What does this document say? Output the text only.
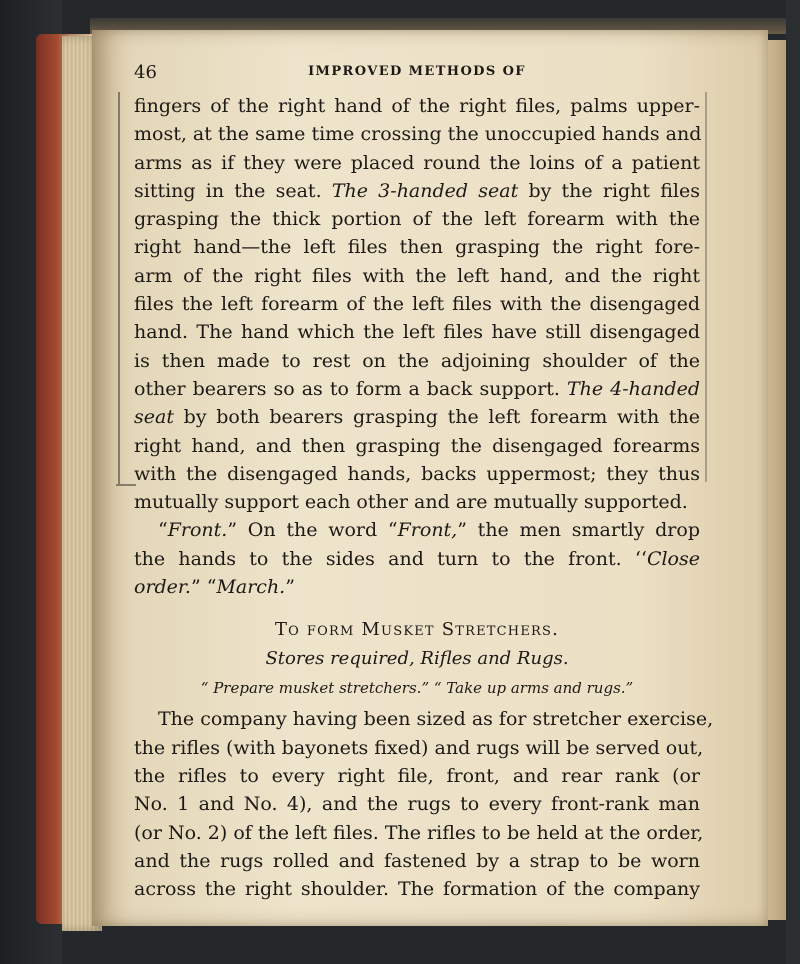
46	IMPROVED METHODS OF
fingers of the right hand of the right files, palms upper-
most, at the same time crossing the unoccupied hands and
arms as if they were placed round the loins of a patient
sitting in the seat. The 3-handed seat by the right files
grasping the thick portion of the left forearm with the
right hand—the left files then grasping the right fore-
arm of the right files with the left hand, and the right
files the left forearm of the left files with the disengaged
hand. The hand which the left files have still disengaged
is then made to rest on the adjoining shoulder of the
other bearers so as to form a back support. The 4-handed
seat by both bearers grasping the left forearm with the
right hand, and then grasping the disengaged forearms
with the disengaged hands, backs uppermost; they thus
mutually support each other and are mutually supported.
“Front.” On the word “Front,” the men smartly drop
the hands to the sides and turn to the front. ‘‘Close
order.” “March.”
To form Musket Stretchers.
Stores required, Rifles and Rugs.
“ Prepare musket stretchers.” “ Take up arms and rugs.”
The company having been sized as for stretcher exercise,
the rifles (with bayonets fixed) and rugs will be served out,
the rifles to every right file, front, and rear rank (or
No. 1 and No. 4), and the rugs to every front-rank man
(or No. 2) of the left files. The rifles to be held at the order,
and the rugs rolled and fastened by a strap to be worn
across the right shoulder. The formation of the company
